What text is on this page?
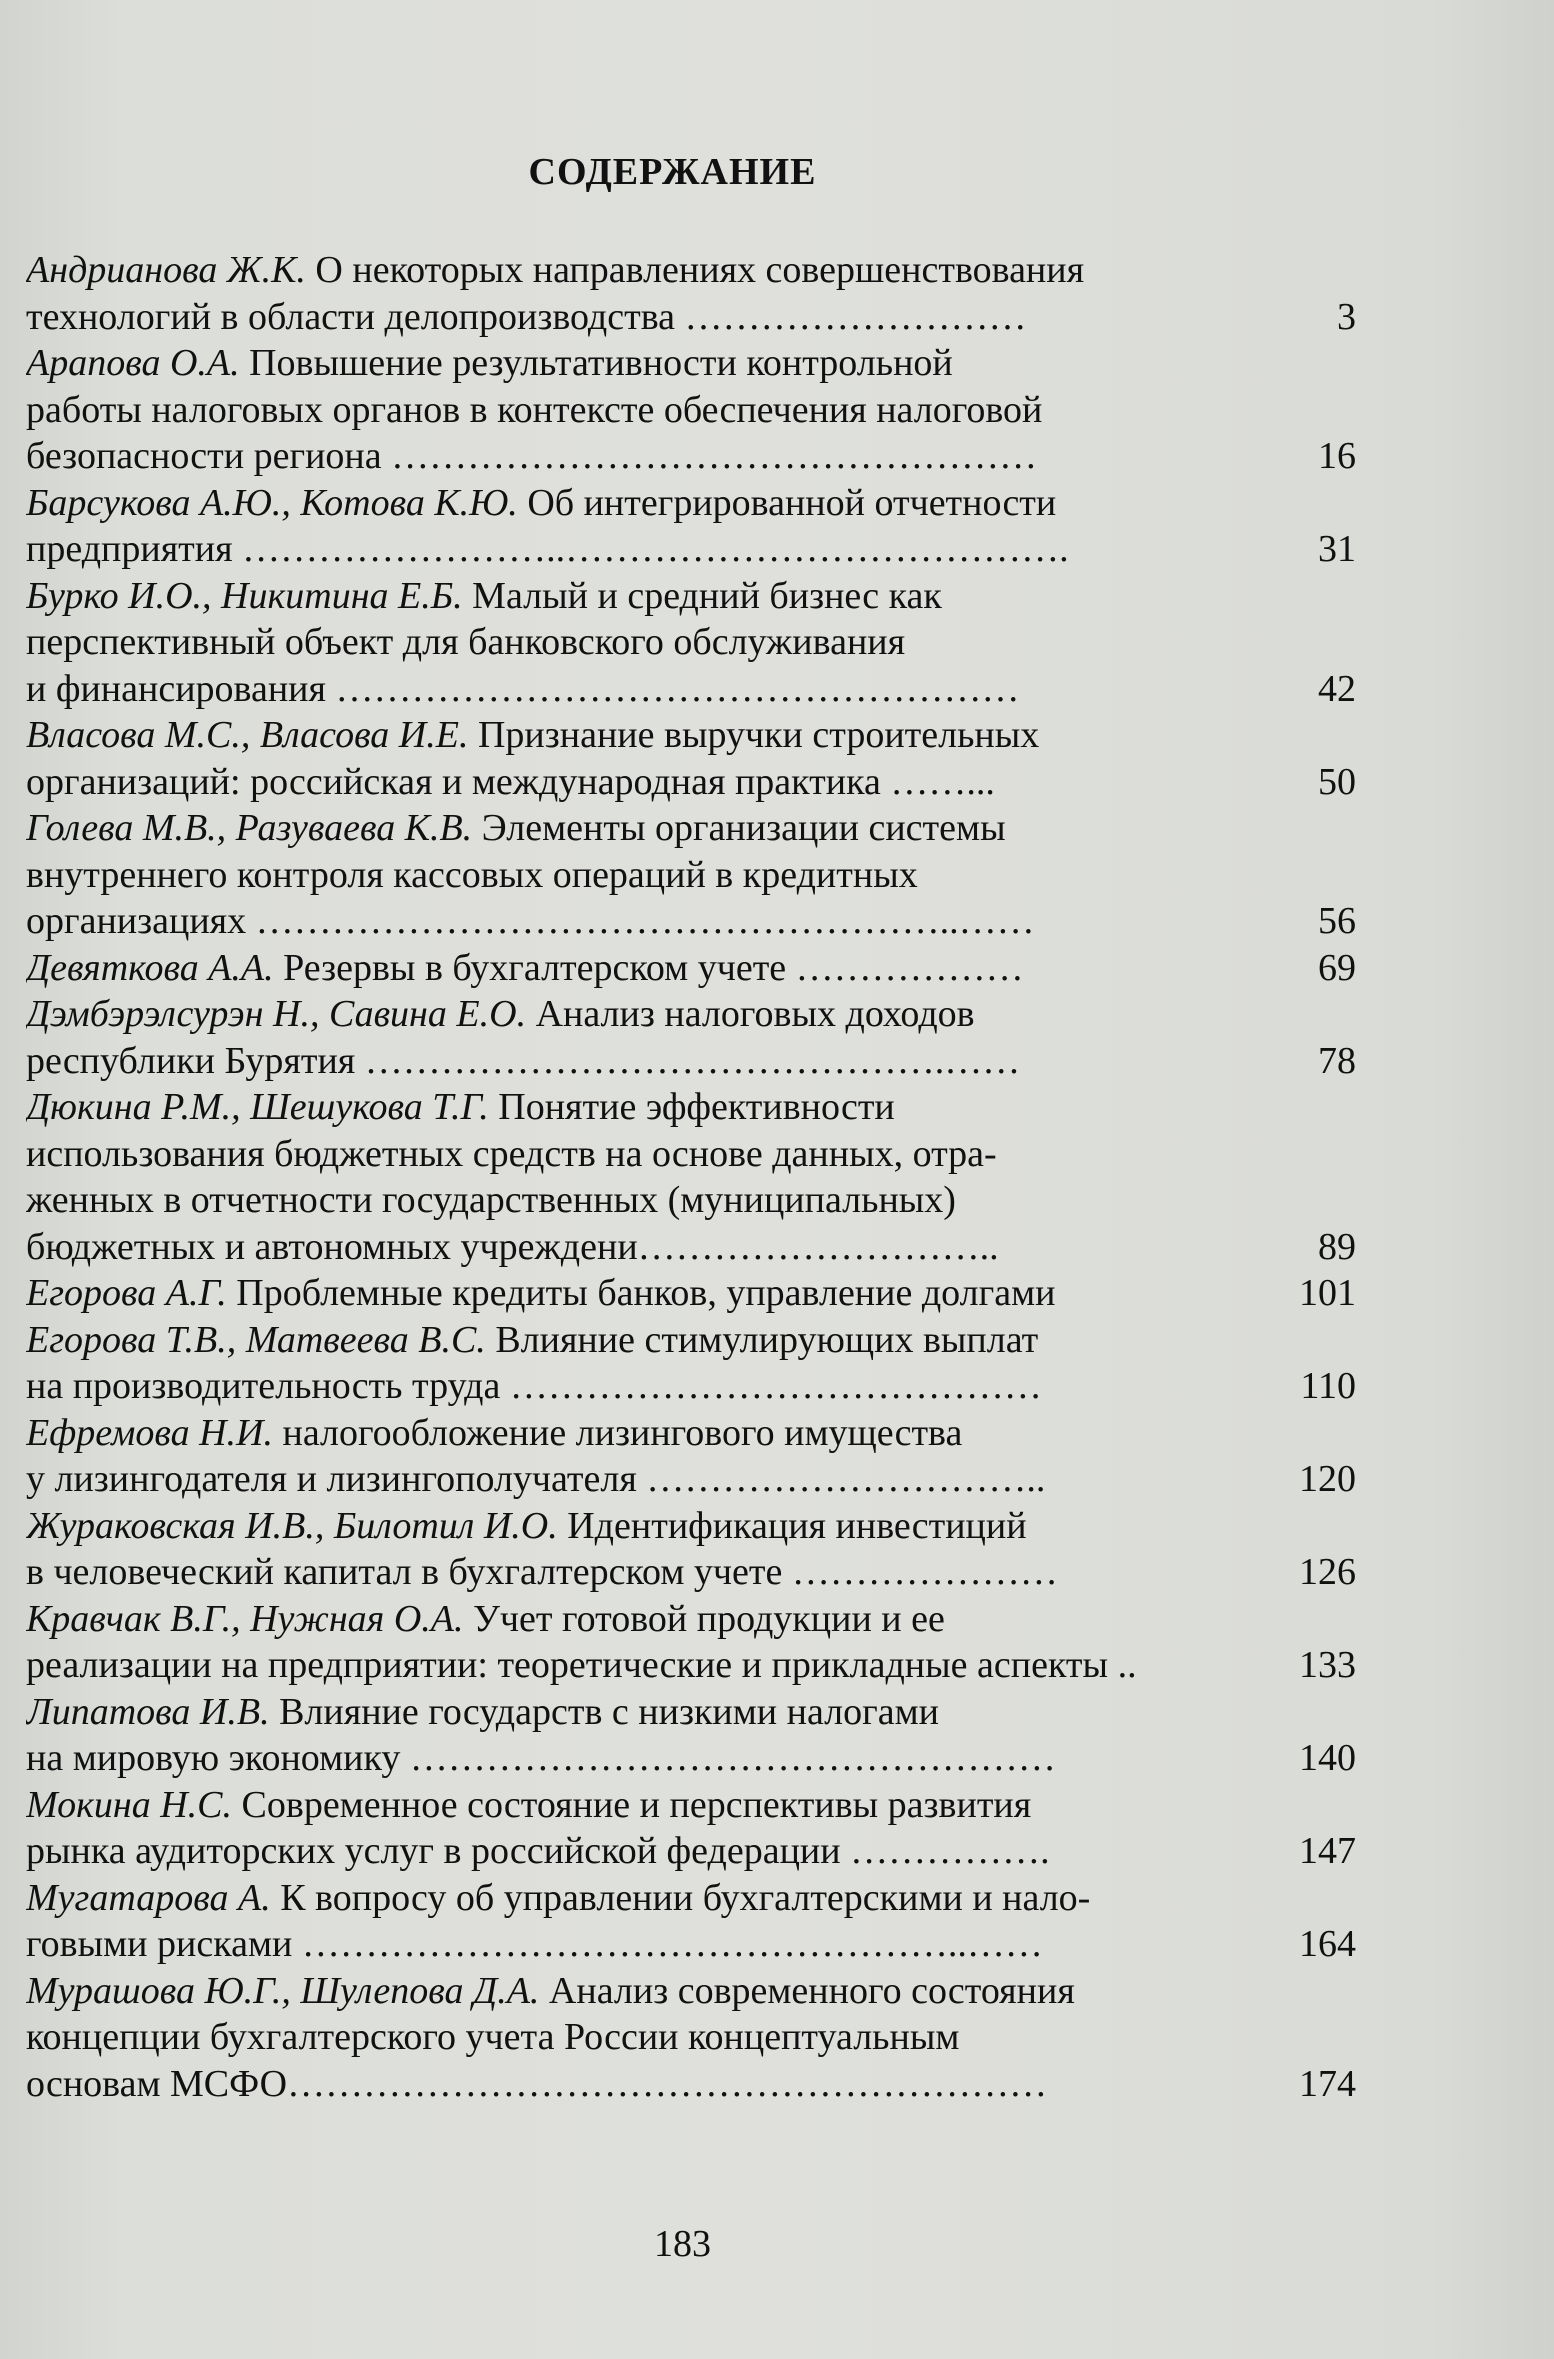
СОДЕРЖАНИЕ
Андрианова Ж.К. О некоторых направлениях совершенствования
технологий в области делопроизводства ………………………	3
Арапова О.А. Повышение результативности контрольной
работы налоговых органов в контексте обеспечения налоговой
безопасности региона ……………………………………………	16
Барсукова А.Ю., Котова К.Ю. Об интегрированной отчетности
предприятия ……………………..………………………………….	31
Бурко И.О., Никитина Е.Б. Малый и средний бизнес как
перспективный объект для банковского обслуживания
и финансирования ………………………………………………	42
Власова М.С., Власова И.Е. Признание выручки строительных
организаций: российская и международная практика ……...	50
Голева М.В., Разуваева К.В. Элементы организации системы
внутреннего контроля кассовых операций в кредитных
организациях ………………………………………………..……	56
Девяткова А.А. Резервы в бухгалтерском учете ………………	69
Дэмбэрэлсурэн Н., Савина Е.О. Анализ налоговых доходов
республики Бурятия ……………………………………….……	78
Дюкина Р.М., Шешукова Т.Г. Понятие эффективности
использования бюджетных средств на основе данных, отра-
женных в отчетности государственных (муниципальных)
бюджетных и автономных учреждени………………………..	89
Егорова А.Г. Проблемные кредиты банков, управление долгами	101
Егорова Т.В., Матвеева В.С. Влияние стимулирующих выплат
на производительность труда ……………………………………	110
Ефремова Н.И. налогообложение лизингового имущества
у лизингодателя и лизингополучателя …………………………..	120
Жураковская И.В., Билотил И.О. Идентификация инвестиций
в человеческий капитал в бухгалтерском учете …………………	126
Кравчак В.Г., Нужная О.А. Учет готовой продукции и ее
реализации на предприятии: теоретические и прикладные аспекты ..	133
Липатова И.В. Влияние государств с низкими налогами
на мировую экономику ……………………………………………	140
Мокина Н.С. Современное состояние и перспективы развития
рынка аудиторских услуг в российской федерации …………….	147
Мугатарова А. К вопросу об управлении бухгалтерскими и нало-
говыми рисками ……………………………………………..……	164
Мурашова Ю.Г., Шулепова Д.А. Анализ современного состояния
концепции бухгалтерского учета России концептуальным
основам МСФО……………………………………………………	174
183
